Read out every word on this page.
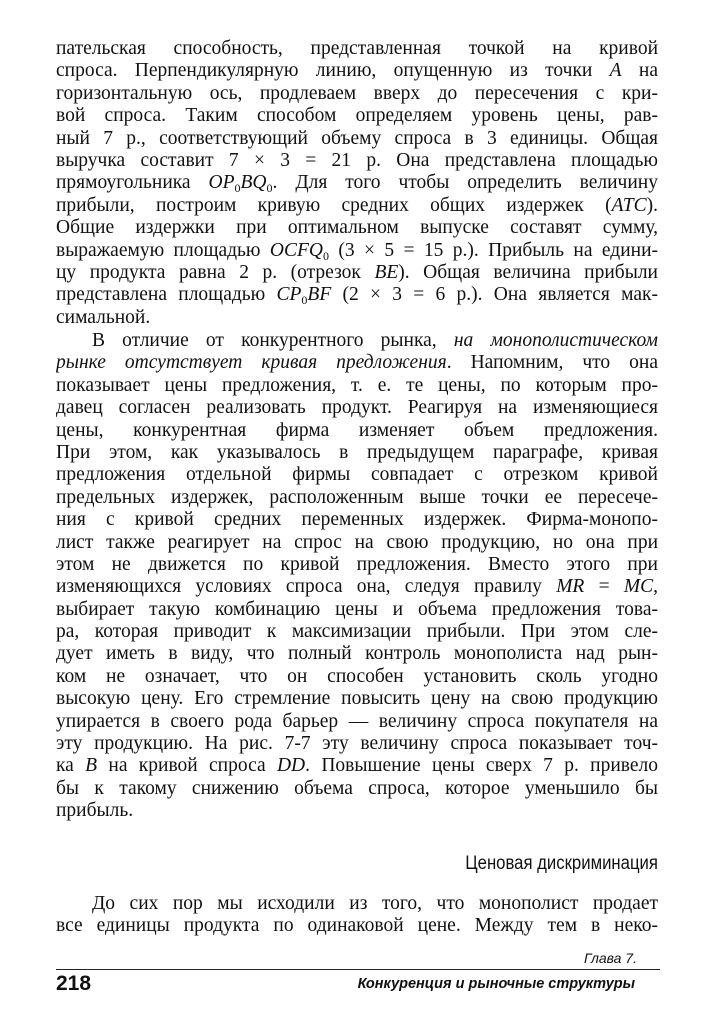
пательская способность, представленная точкой на кривой
спроса. Перпендикулярную линию, опущенную из точки A на
горизонтальную ось, продлеваем вверх до пересечения с кри-
вой спроса. Таким способом определяем уровень цены, рав-
ный 7 р., соответствующий объему спроса в 3 единицы. Общая
выручка составит 7 × 3 = 21 р. Она представлена площадью
прямоугольника $OP_0BQ_0$. Для того чтобы определить величину
прибыли, построим кривую средних общих издержек (ATC).
Общие издержки при оптимальном выпуске составят сумму,
выражаемую площадью $OCFQ_0$ (3 × 5 = 15 р.). Прибыль на едини-
цу продукта равна 2 р. (отрезок BE). Общая величина прибыли
представлена площадью $CP_0BF$ (2 × 3 = 6 р.). Она является мак-
симальной.
В отличие от конкурентного рынка, на монополистическом
рынке отсутствует кривая предложения. Напомним, что она
показывает цены предложения, т. е. те цены, по которым про-
давец согласен реализовать продукт. Реагируя на изменяющиеся
цены, конкурентная фирма изменяет объем предложения.
При этом, как указывалось в предыдущем параграфе, кривая
предложения отдельной фирмы совпадает с отрезком кривой
предельных издержек, расположенным выше точки ее пересече-
ния с кривой средних переменных издержек. Фирма-монопо-
лист также реагирует на спрос на свою продукцию, но она при
этом не движется по кривой предложения. Вместо этого при
изменяющихся условиях спроса она, следуя правилу MR = MC,
выбирает такую комбинацию цены и объема предложения това-
ра, которая приводит к максимизации прибыли. При этом сле-
дует иметь в виду, что полный контроль монополиста над рын-
ком не означает, что он способен установить сколь угодно
высокую цену. Его стремление повысить цену на свою продукцию
упирается в своего рода барьер — величину спроса покупателя на
эту продукцию. На рис. 7-7 эту величину спроса показывает точ-
ка B на кривой спроса DD. Повышение цены сверх 7 р. привело
бы к такому снижению объема спроса, которое уменьшило бы
прибыль.
Ценовая дискриминация
До сих пор мы исходили из того, что монополист продает
все единицы продукта по одинаковой цене. Между тем в неко-
Глава 7.
218	Конкуренция и рыночные структуры
